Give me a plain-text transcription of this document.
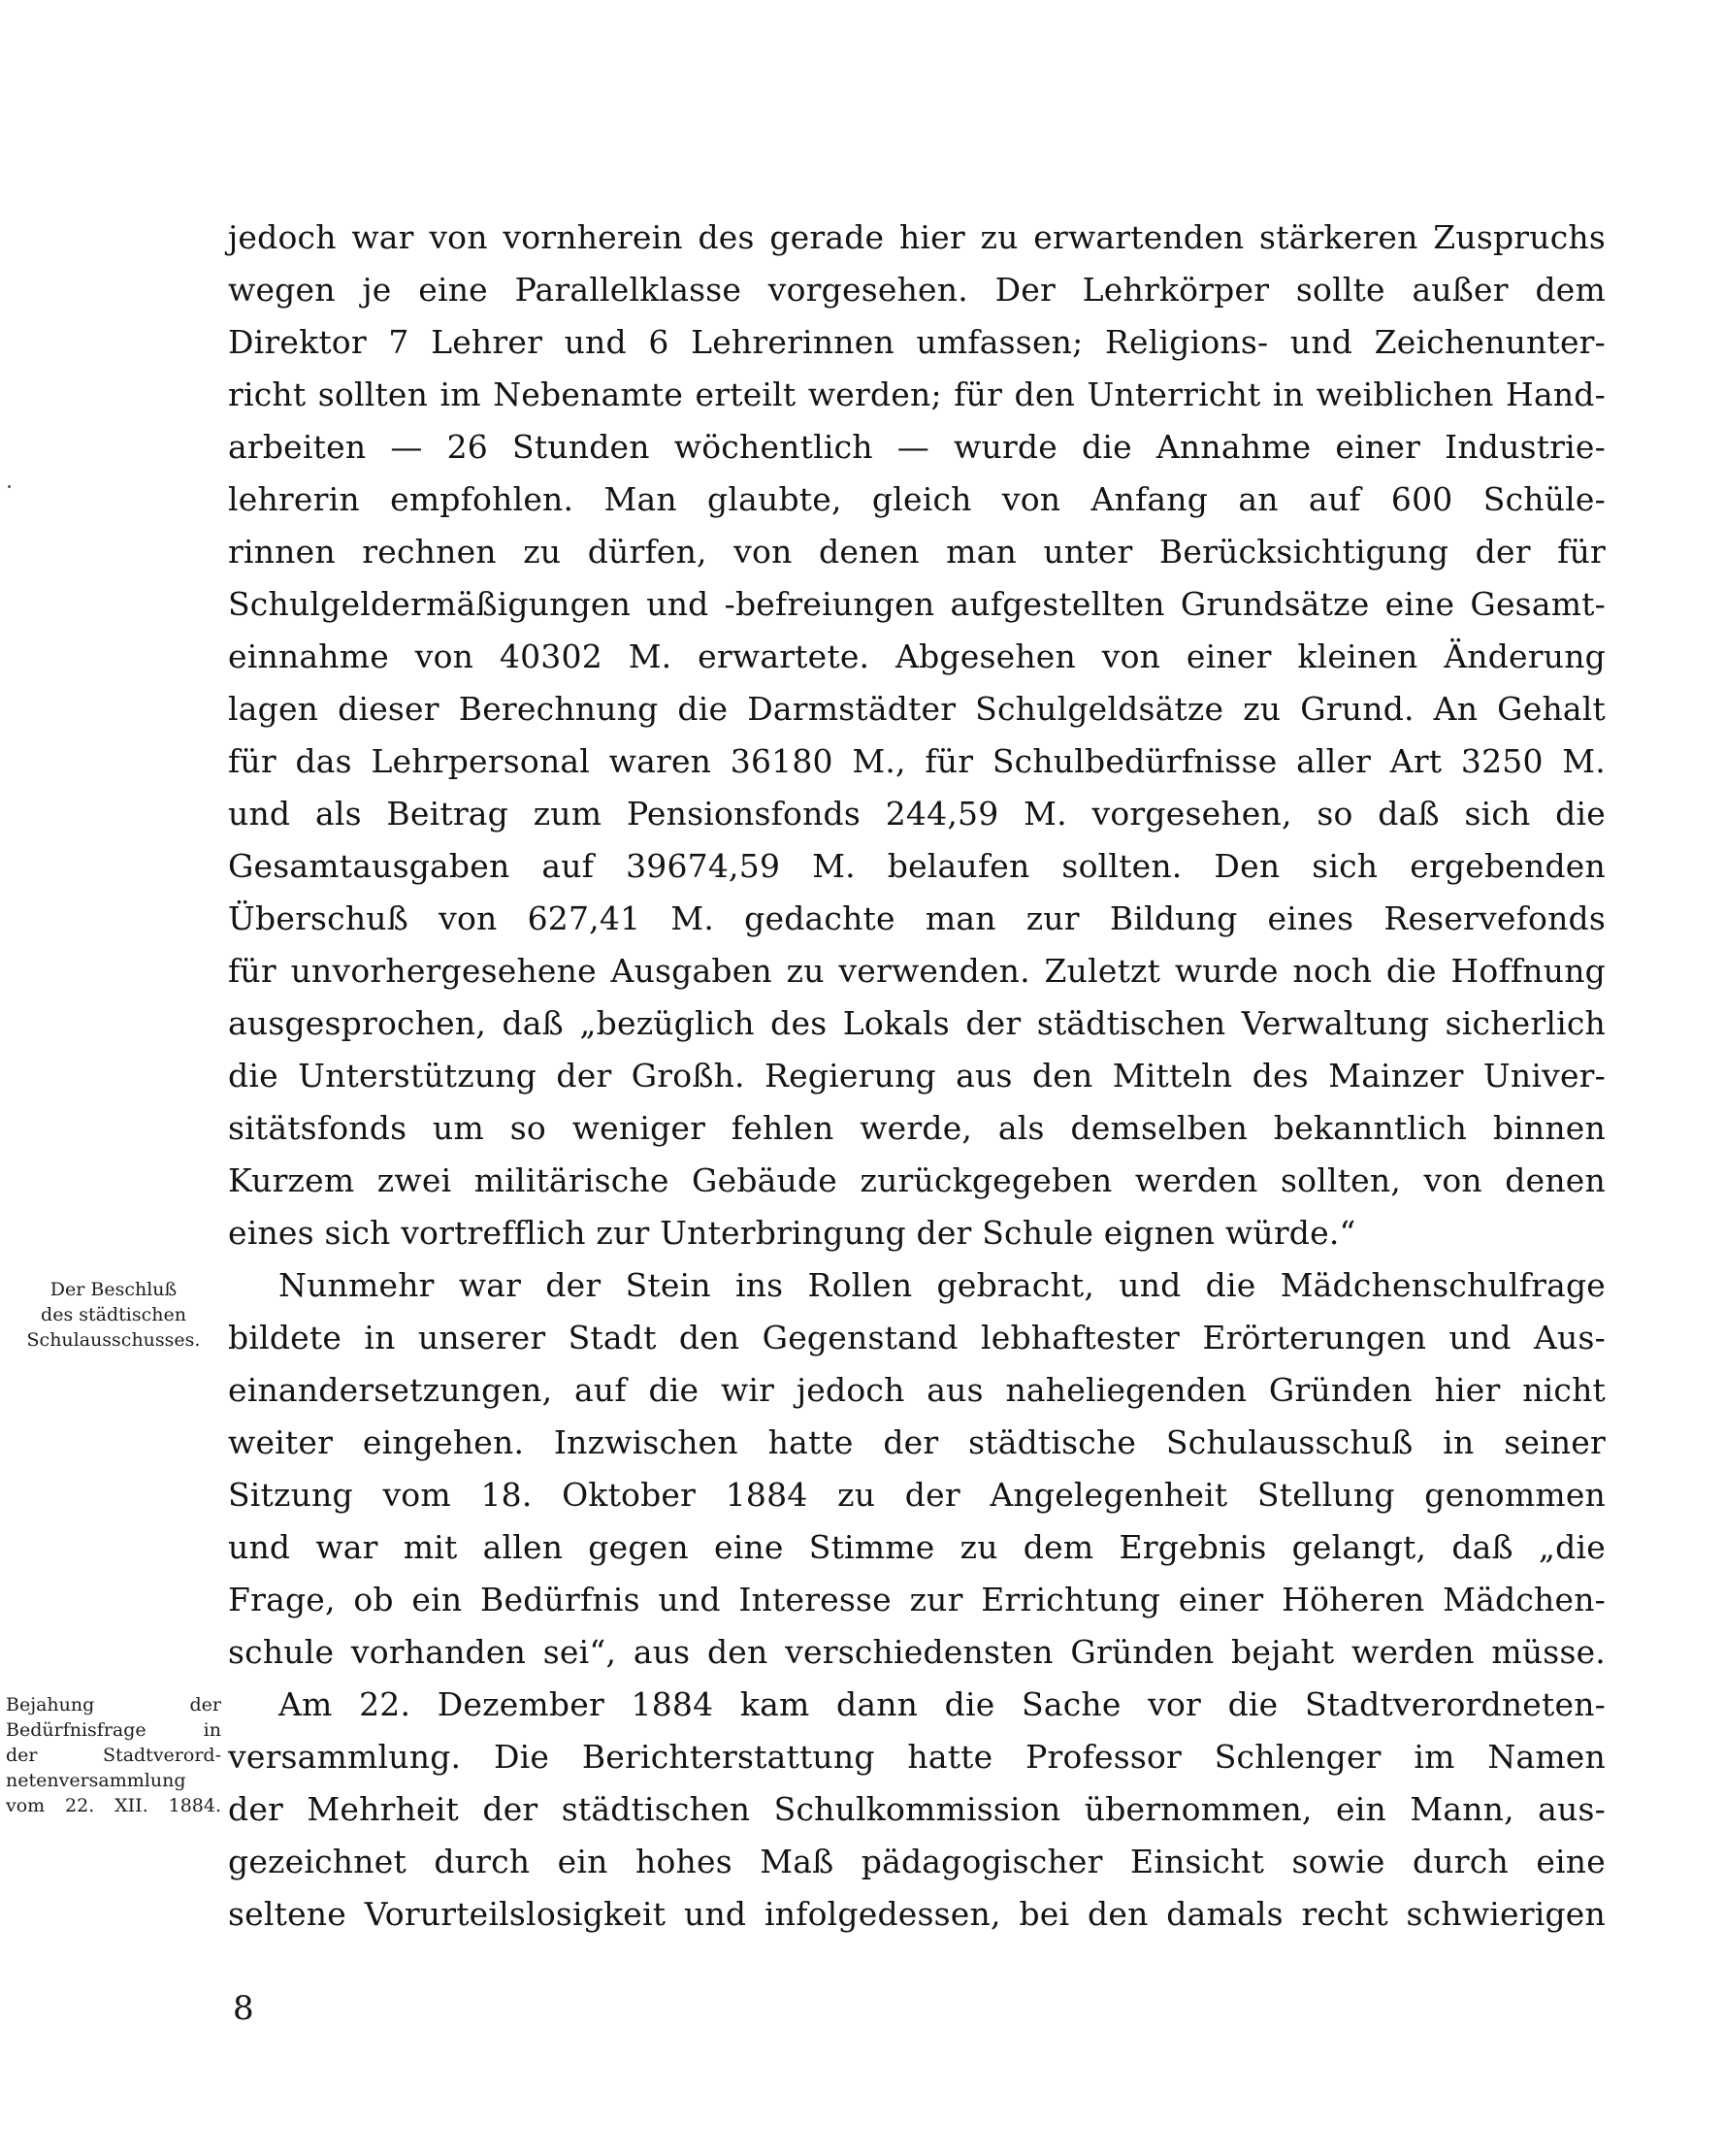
jedoch war von vornherein des gerade hier zu erwartenden stärkeren Zuspruchs
wegen je eine Parallelklasse vorgesehen. Der Lehrkörper sollte außer dem
Direktor 7 Lehrer und 6 Lehrerinnen umfassen; Religions- und Zeichenunter-
richt sollten im Nebenamte erteilt werden; für den Unterricht in weiblichen Hand-
arbeiten — 26 Stunden wöchentlich — wurde die Annahme einer Industrie-
lehrerin empfohlen. Man glaubte, gleich von Anfang an auf 600 Schüle-
rinnen rechnen zu dürfen, von denen man unter Berücksichtigung der für
Schulgeldermäßigungen und -befreiungen aufgestellten Grundsätze eine Gesamt-
einnahme von 40302 M. erwartete. Abgesehen von einer kleinen Änderung
lagen dieser Berechnung die Darmstädter Schulgeldsätze zu Grund. An Gehalt
für das Lehrpersonal waren 36180 M., für Schulbedürfnisse aller Art 3250 M.
und als Beitrag zum Pensionsfonds 244,59 M. vorgesehen, so daß sich die
Gesamtausgaben auf 39674,59 M. belaufen sollten. Den sich ergebenden
Überschuß von 627,41 M. gedachte man zur Bildung eines Reservefonds
für unvorhergesehene Ausgaben zu verwenden. Zuletzt wurde noch die Hoffnung
ausgesprochen, daß „bezüglich des Lokals der städtischen Verwaltung sicherlich
die Unterstützung der Großh. Regierung aus den Mitteln des Mainzer Univer-
sitätsfonds um so weniger fehlen werde, als demselben bekanntlich binnen
Kurzem zwei militärische Gebäude zurückgegeben werden sollten, von denen
eines sich vortrefflich zur Unterbringung der Schule eignen würde.“
Nunmehr war der Stein ins Rollen gebracht, und die Mädchenschulfrage
bildete in unserer Stadt den Gegenstand lebhaftester Erörterungen und Aus-
einandersetzungen, auf die wir jedoch aus naheliegenden Gründen hier nicht
weiter eingehen. Inzwischen hatte der städtische Schulausschuß in seiner
Sitzung vom 18. Oktober 1884 zu der Angelegenheit Stellung genommen
und war mit allen gegen eine Stimme zu dem Ergebnis gelangt, daß „die
Frage, ob ein Bedürfnis und Interesse zur Errichtung einer Höheren Mädchen-
schule vorhanden sei“, aus den verschiedensten Gründen bejaht werden müsse.
Am 22. Dezember 1884 kam dann die Sache vor die Stadtverordneten-
versammlung. Die Berichterstattung hatte Professor Schlenger im Namen
der Mehrheit der städtischen Schulkommission übernommen, ein Mann, aus-
gezeichnet durch ein hohes Maß pädagogischer Einsicht sowie durch eine
seltene Vorurteilslosigkeit und infolgedessen, bei den damals recht schwierigen
Der Beschluß
des städtischen
Schulausschusses.
Bejahung der
Bedürfnisfrage in
der Stadtverord-
netenversammlung
vom 22. XII. 1884.
8
